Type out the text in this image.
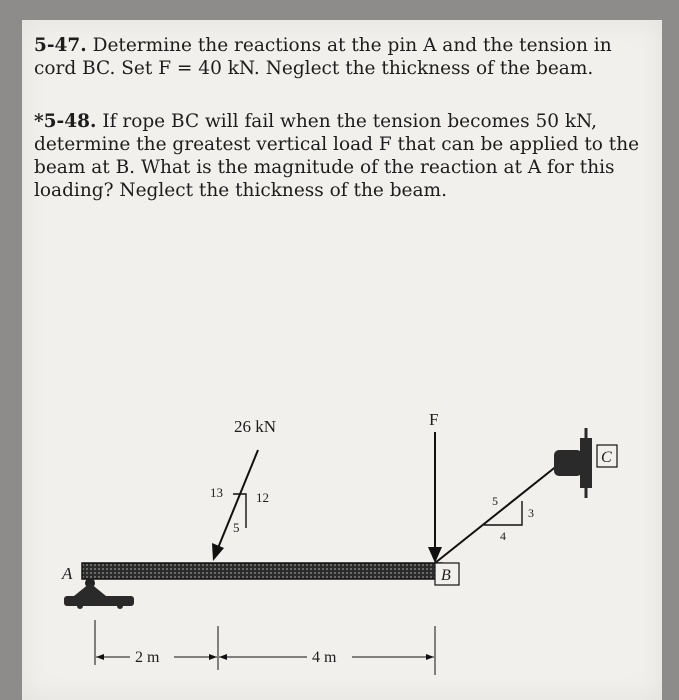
5-47. Determine the reactions at the pin A and the tension in cord BC. Set F = 40 kN. Neglect the thickness of the beam.

*5-48. If rope BC will fail when the tension becomes 50 kN, determine the greatest vertical load F that can be applied to the beam at B. What is the magnitude of the reaction at A for this loading? Neglect the thickness of the beam.

A
26 kN
13	12
5
F
5
3
4
C
B
2 m	4 m
